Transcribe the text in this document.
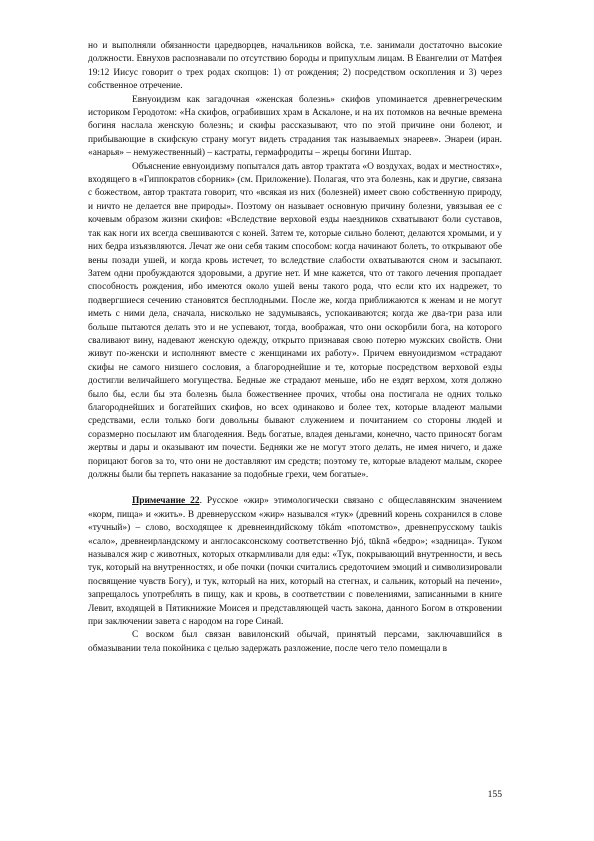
но и выполняли обязанности царедворцев, начальников войска, т.е. занимали достаточно высокие должности. Евнухов распознавали по отсутствию бороды и припухлым лицам. В Евангелии от Матфея 19:12 Иисус говорит о трех родах скопцов: 1) от рождения; 2) посредством оскопления и 3) через собственное отречение.

Евнуоидизм как загадочная «женская болезнь» скифов упоминается древнегреческим историком Геродотом: «На скифов, ограбивших храм в Аскалоне, и на их потомков на вечные времена богиня наслала женскую болезнь; и скифы рассказывают, что по этой причине они болеют, и прибывающие в скифскую страну могут видеть страдания так называемых энареев». Энареи (иран. «анарья» – немужественный) – кастраты, гермафродиты – жрецы богини Иштар.

Объяснение евнуоидизму попытался дать автор трактата «О воздухах, водах и местностях», входящего в «Гиппократов сборник» (см. Приложение). Полагая, что эта болезнь, как и другие, связана с божеством, автор трактата говорит, что «всякая из них (болезней) имеет свою собственную природу, и ничто не делается вне природы». Поэтому он называет основную причину болезни, увязывая ее с кочевым образом жизни скифов: «Вследствие верховой езды наездников схватывают боли суставов, так как ноги их всегда свешиваются с коней. Затем те, которые сильно болеют, делаются хромыми, и у них бедра изъязвляются. Лечат же они себя таким способом: когда начинают болеть, то открывают обе вены позади ушей, и когда кровь истечет, то вследствие слабости охватываются сном и засыпают. Затем одни пробуждаются здоровыми, а другие нет. И мне кажется, что от такого лечения пропадает способность рождения, ибо имеются около ушей вены такого рода, что если кто их надрежет, то подвергшиеся сечению становятся бесплодными. После же, когда приближаются к женам и не могут иметь с ними дела, сначала, нисколько не задумываясь, успокаиваются; когда же два-три раза или больше пытаются делать это и не успевают, тогда, воображая, что они оскорбили бога, на которого сваливают вину, надевают женскую одежду, открыто признавая свою потерю мужских свойств. Они живут по-женски и исполняют вместе с женщинами их работу». Причем евнуоидизмом «страдают скифы не самого низшего сословия, а благороднейшие и те, которые посредством верховой езды достигли величайшего могущества. Бедные же страдают меньше, ибо не ездят верхом, хотя должно было бы, если бы эта болезнь была божественнее прочих, чтобы она постигала не одних только благороднейших и богатейших скифов, но всех одинаково и более тех, которые владеют малыми средствами, если только боги довольны бывают служением и почитанием со стороны людей и соразмерно посылают им благодеяния. Ведь богатые, владея деньгами, конечно, часто приносят богам жертвы и дары и оказывают им почести. Бедняки же не могут этого делать, не имея ничего, и даже порицают богов за то, что они не доставляют им средств; поэтому те, которые владеют малым, скорее должны были бы терпеть наказание за подобные грехи, чем богатые».

Примечание 22. Русское «жир» этимологически связано с общеславянским значением «корм, пища» и «жить». В древнерусском «жир» назывался «тук» (древний корень сохранился в слове «тучный») – слово, восходящее к древнеиндийскому tōkám «потомство», древнепрусскому taukis «сало», древнеирландскому и англосаксонскому соответственно Þjó, tūknā «бедро»; «задница». Туком назывался жир с животных, которых откармливали для еды: «Тук, покрывающий внутренности, и весь тук, который на внутренностях, и обе почки (почки считались средоточием эмоций и символизировали посвящение чувств Богу), и тук, который на них, который на стегнах, и сальник, который на печени», запрещалось употреблять в пищу, как и кровь, в соответствии с повелениями, записанными в книге Левит, входящей в Пятикнижие Моисея и представляющей часть закона, данного Богом в откровении при заключении завета с народом на горе Синай.

С воском был связан вавилонский обычай, принятый персами, заключавшийся в обмазывании тела покойника с целью задержать разложение, после чего тело помещали в

155
